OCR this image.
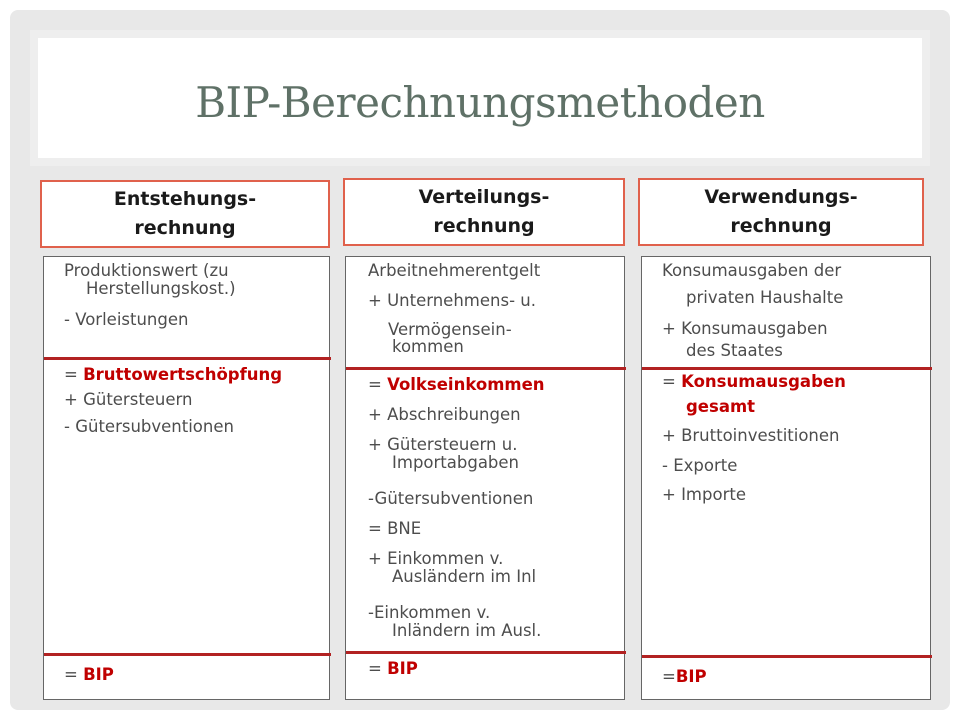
BIP-Berechnungsmethoden
Entstehungs-
rechnung
Produktionswert (zu
Herstellungskost.)
- Vorleistungen
= Bruttowertschöpfung
+ Gütersteuern
- Gütersubventionen
= BIP
Verteilungs-
rechnung
Arbeitnehmerentgelt
+ Unternehmens- u.
Vermögensein-
kommen
= Volkseinkommen
+ Abschreibungen
+ Gütersteuern u.
Importabgaben
-Gütersubventionen
= BNE
+ Einkommen v.
Ausländern im Inl
-Einkommen v.
Inländern im Ausl.
= BIP
Verwendungs-
rechnung
Konsumausgaben der
privaten Haushalte
+ Konsumausgaben
des Staates
= Konsumausgaben
gesamt
+ Bruttoinvestitionen
- Exporte
+ Importe
=BIP
